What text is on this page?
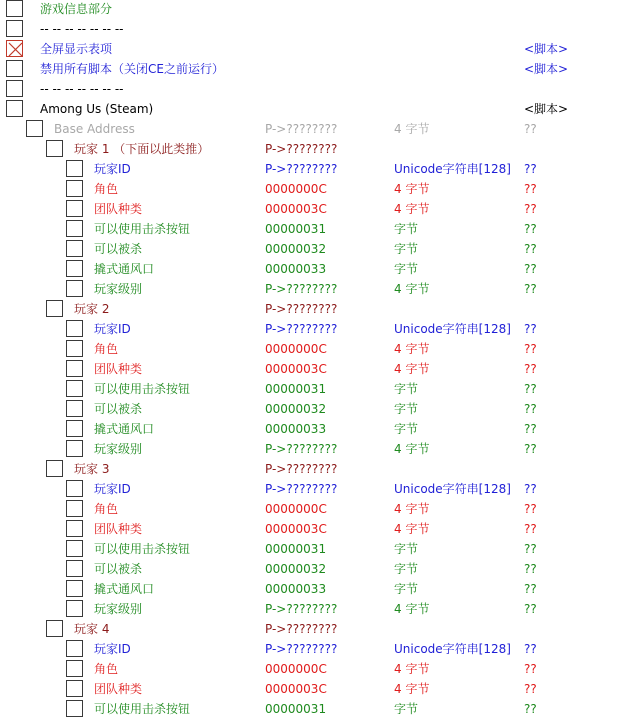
游戏信息部分
-- -- -- -- -- -- --
全屏显示表项	<脚本>
禁用所有脚本（关闭CE之前运行）	<脚本>
-- -- -- -- -- -- --
Among Us (Steam)	<脚本>
Base Address	P->????????	4 字节	??
玩家 1 （下面以此类推）	P->????????
玩家ID	P->????????	Unicode字符串[128] ??
角色	0000000C	4 字节	??
团队种类	0000003C	4 字节	??
可以使用击杀按钮	00000031	字节	??
可以被杀	00000032	字节	??
撬式通风口	00000033	字节	??
玩家级别	P->????????	4 字节	??
玩家 2	P->????????
玩家ID	P->????????	Unicode字符串[128] ??
角色	0000000C	4 字节	??
团队种类	0000003C	4 字节	??
可以使用击杀按钮	00000031	字节	??
可以被杀	00000032	字节	??
撬式通风口	00000033	字节	??
玩家级别	P->????????	4 字节	??
玩家 3	P->????????
玩家ID	P->????????	Unicode字符串[128] ??
角色	0000000C	4 字节	??
团队种类	0000003C	4 字节	??
可以使用击杀按钮	00000031	字节	??
可以被杀	00000032	字节	??
撬式通风口	00000033	字节	??
玩家级别	P->????????	4 字节	??
玩家 4	P->????????
玩家ID	P->????????	Unicode字符串[128] ??
角色	0000000C	4 字节	??
团队种类	0000003C	4 字节	??
可以使用击杀按钮	00000031	字节	??
